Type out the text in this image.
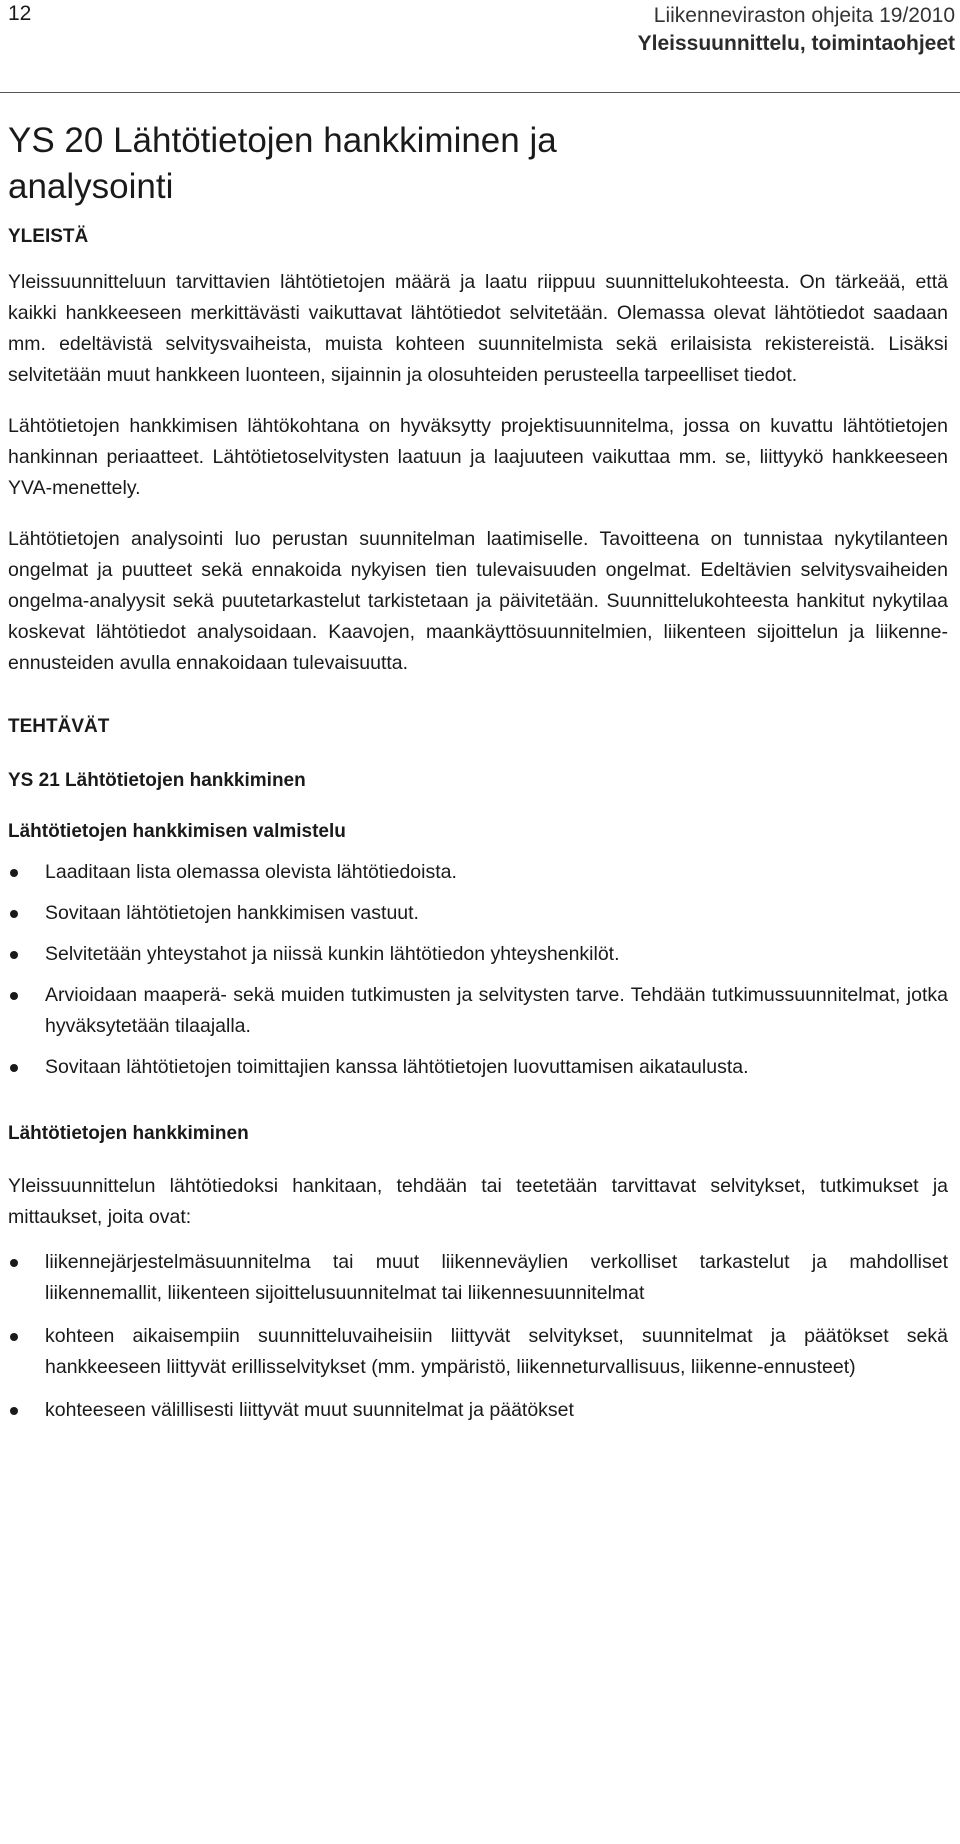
12	Liikenneviraston ohjeita 19/2010
Yleissuunnittelu, toimintaohjeet
YS 20 Lähtötietojen hankkiminen ja analysointi
YLEISTÄ

Yleissuunnitteluun tarvittavien lähtötietojen määrä ja laatu riippuu suunnittelukohteesta. On tärkeää, että kaikki hankkeeseen merkittävästi vaikuttavat lähtötiedot selvitetään. Olemassa olevat lähtötiedot saadaan mm. edeltävistä selvitysvaiheista, muista kohteen suunnitelmista sekä erilaisista rekistereistä. Lisäksi selvitetään muut hankkeen luonteen, sijainnin ja olosuhteiden perusteella tarpeelliset tiedot.

Lähtötietojen hankkimisen lähtökohtana on hyväksytty projektisuunnitelma, jossa on kuvattu lähtötietojen hankinnan periaatteet. Lähtötietoselvitysten laatuun ja laajuuteen vaikuttaa mm. se, liittyykö hankkeeseen YVA-menettely.

Lähtötietojen analysointi luo perustan suunnitelman laatimiselle. Tavoitteena on tunnistaa nykytilanteen ongelmat ja puutteet sekä ennakoida nykyisen tien tulevaisuuden ongelmat. Edeltävien selvitysvaiheiden ongelma-analyysit sekä puutetarkastelut tarkistetaan ja päivitetään. Suunnittelukohteesta hankitut nykytilaa koskevat lähtötiedot analysoidaan. Kaavojen, maankäyttösuunnitelmien, liikenteen sijoittelun ja liikenne-ennusteiden avulla ennakoidaan tulevaisuutta.

TEHTÄVÄT
YS 21 Lähtötietojen hankkiminen
Lähtötietojen hankkimisen valmistelu
Laaditaan lista olemassa olevista lähtötiedoista.
Sovitaan lähtötietojen hankkimisen vastuut.
Selvitetään yhteystahot ja niissä kunkin lähtötiedon yhteyshenkilöt.
Arvioidaan maaperä- sekä muiden tutkimusten ja selvitysten tarve. Tehdään tutkimussuunnitelmat, jotka hyväksytetään tilaajalla.
Sovitaan lähtötietojen toimittajien kanssa lähtötietojen luovuttamisen aikataulusta.
Lähtötietojen hankkiminen

Yleissuunnittelun lähtötiedoksi hankitaan, tehdään tai teetetään tarvittavat selvitykset, tutkimukset ja mittaukset, joita ovat:

liikennejärjestelmäsuunnitelma tai muut liikenneväylien verkolliset tarkastelut ja mahdolliset liikennemallit, liikenteen sijoittelusuunnitelmat tai liikennesuunnitelmat
kohteen aikaisempiin suunnitteluvaiheisiin liittyvät selvitykset, suunnitelmat ja päätökset sekä hankkeeseen liittyvät erillisselvitykset (mm. ympäristö, liikenneturvallisuus, liikenne-ennusteet)
kohteeseen välillisesti liittyvät muut suunnitelmat ja päätökset
